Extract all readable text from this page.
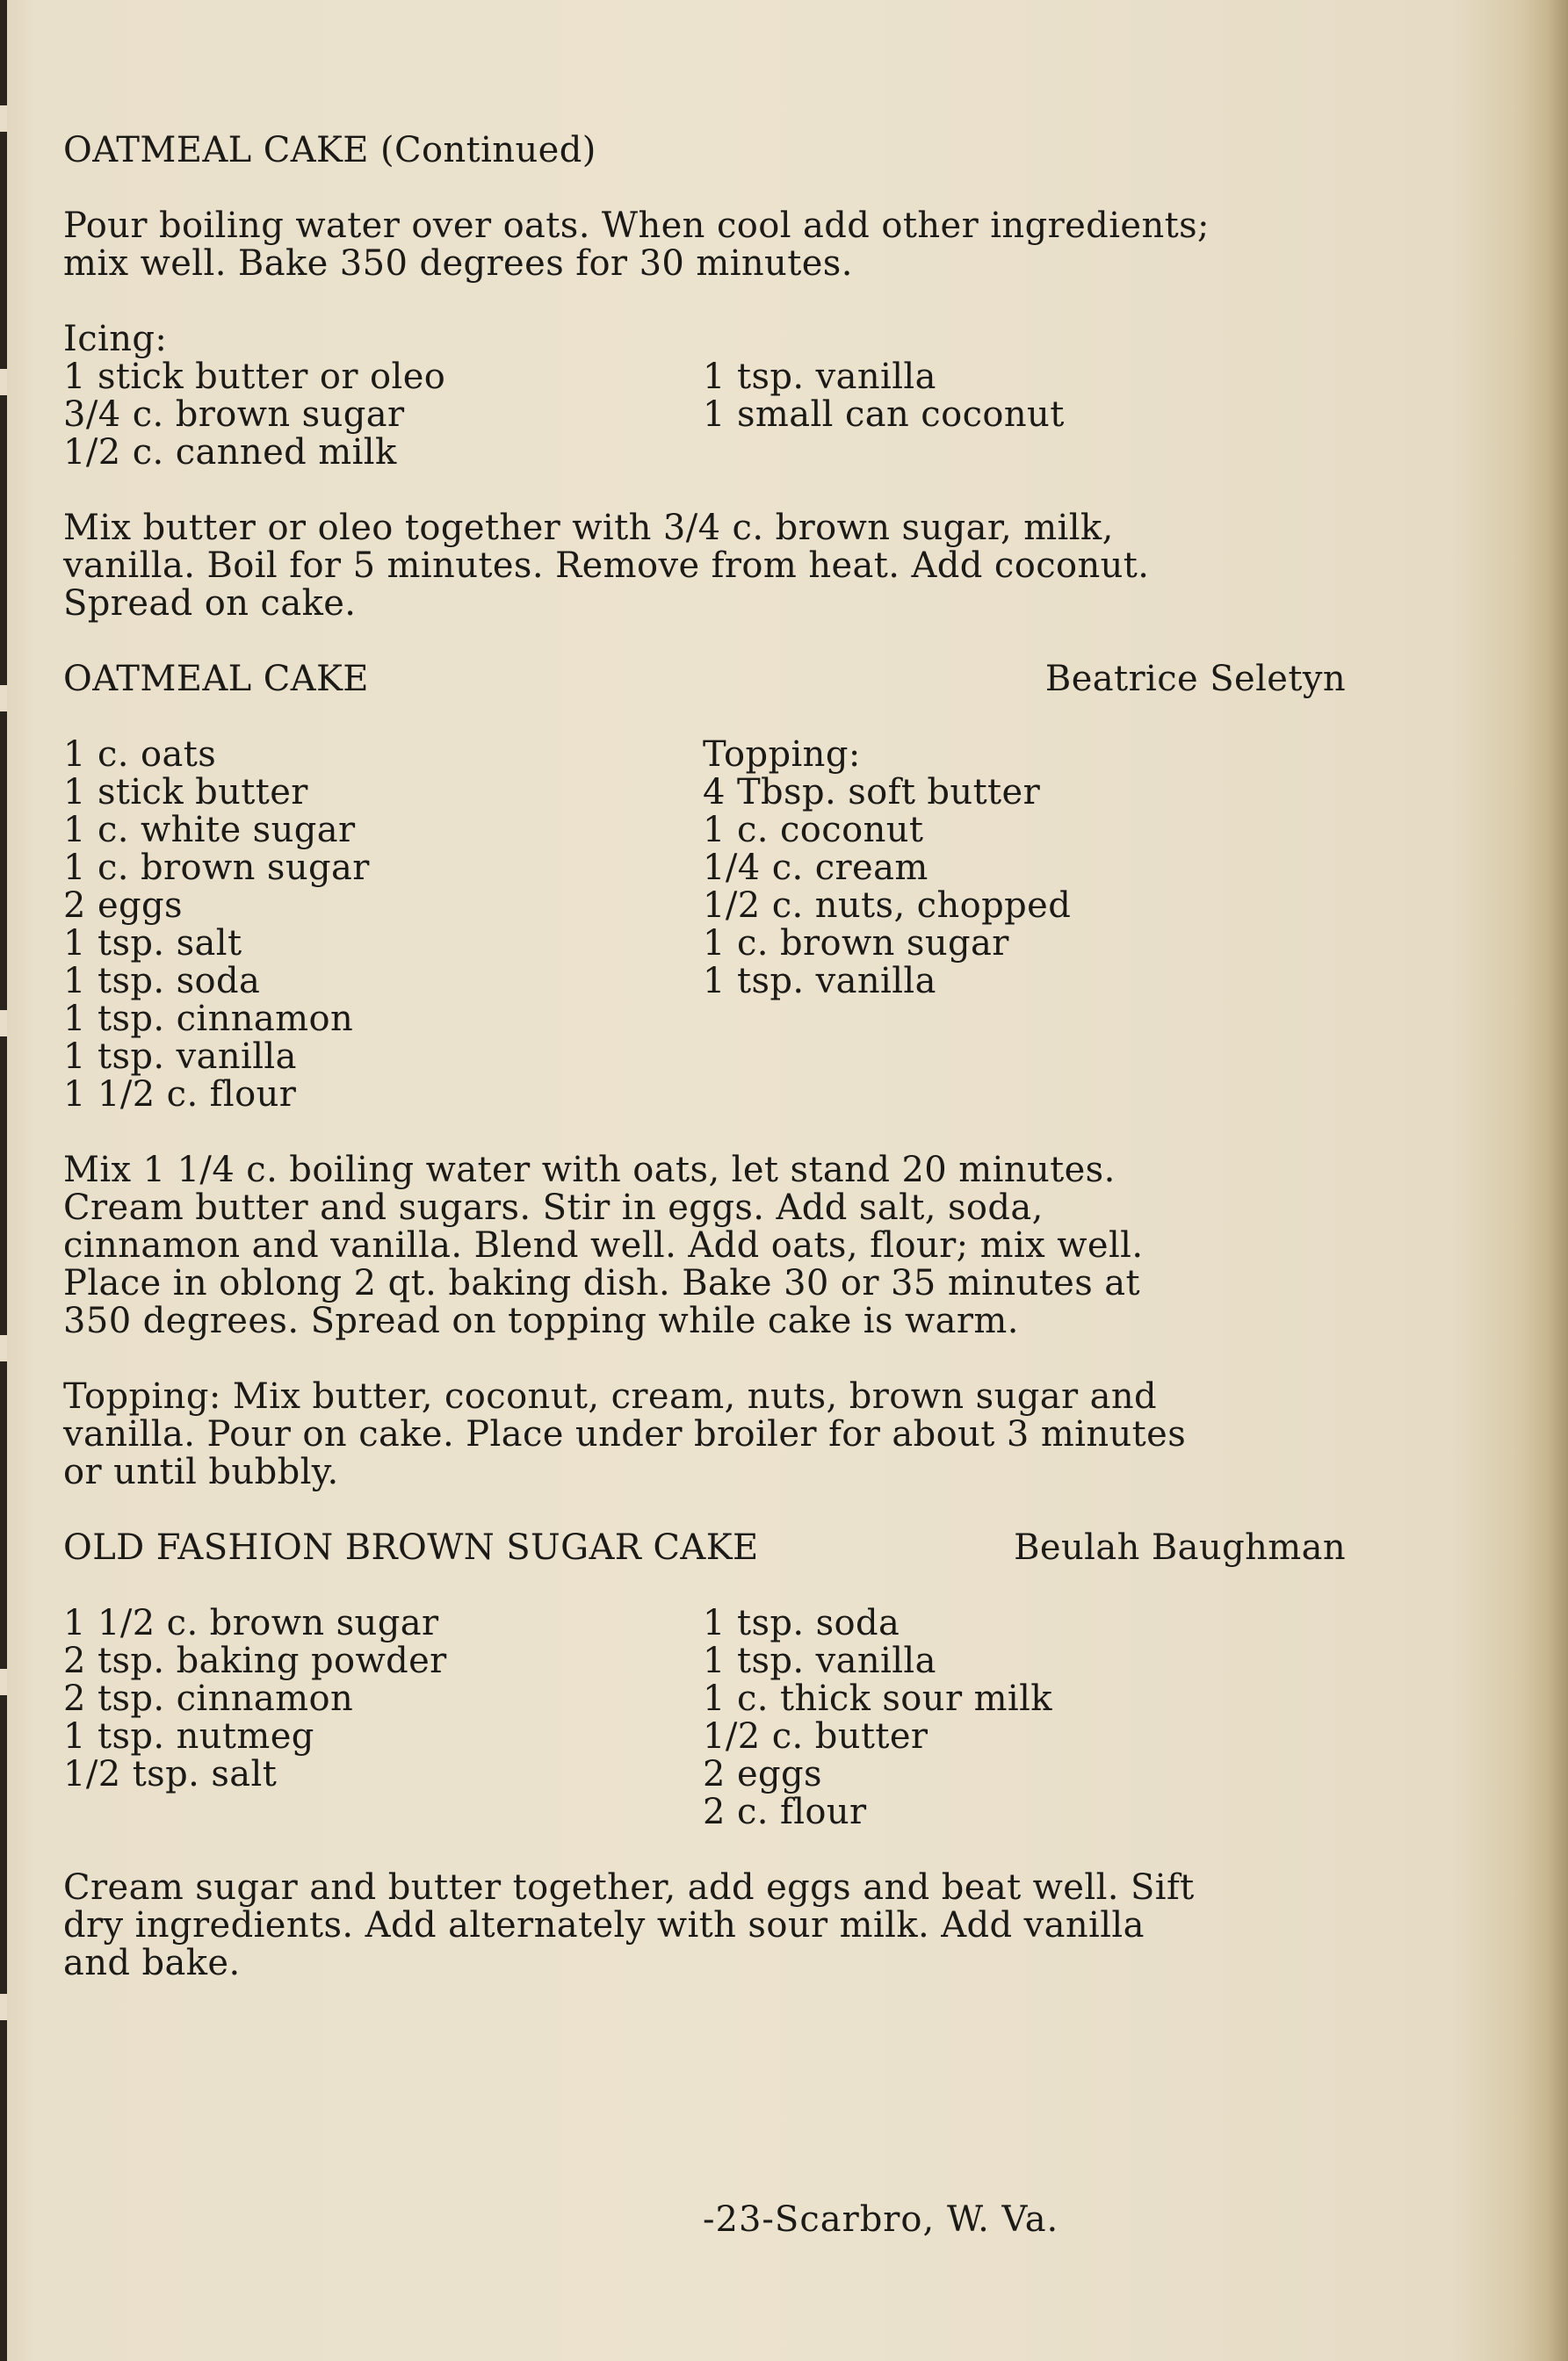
OATMEAL CAKE (Continued)
Pour boiling water over oats. When cool add other ingredients;
mix well. Bake 350 degrees for 30 minutes.
Icing:
1 stick butter or oleo
3/4 c. brown sugar
1/2 c. canned milk
1 tsp. vanilla
1 small can coconut
Mix butter or oleo together with 3/4 c. brown sugar, milk,
vanilla. Boil for 5 minutes. Remove from heat. Add coconut.
Spread on cake.
OATMEAL CAKE	Beatrice Seletyn
1 c. oats
1 stick butter
1 c. white sugar
1 c. brown sugar
2 eggs
1 tsp. salt
1 tsp. soda
1 tsp. cinnamon
1 tsp. vanilla
1 1/2 c. flour
Topping:
4 Tbsp. soft butter
1 c. coconut
1/4 c. cream
1/2 c. nuts, chopped
1 c. brown sugar
1 tsp. vanilla
Mix 1 1/4 c. boiling water with oats, let stand 20 minutes.
Cream butter and sugars. Stir in eggs. Add salt, soda,
cinnamon and vanilla. Blend well. Add oats, flour; mix well.
Place in oblong 2 qt. baking dish. Bake 30 or 35 minutes at
350 degrees. Spread on topping while cake is warm.
Topping: Mix butter, coconut, cream, nuts, brown sugar and
vanilla. Pour on cake. Place under broiler for about 3 minutes
or until bubbly.
OLD FASHION BROWN SUGAR CAKE	Beulah Baughman
1 1/2 c. brown sugar
2 tsp. baking powder
2 tsp. cinnamon
1 tsp. nutmeg
1/2 tsp. salt
1 tsp. soda
1 tsp. vanilla
1 c. thick sour milk
1/2 c. butter
2 eggs
2 c. flour
Cream sugar and butter together, add eggs and beat well. Sift
dry ingredients. Add alternately with sour milk. Add vanilla
and bake.
-23-Scarbro, W. Va.
